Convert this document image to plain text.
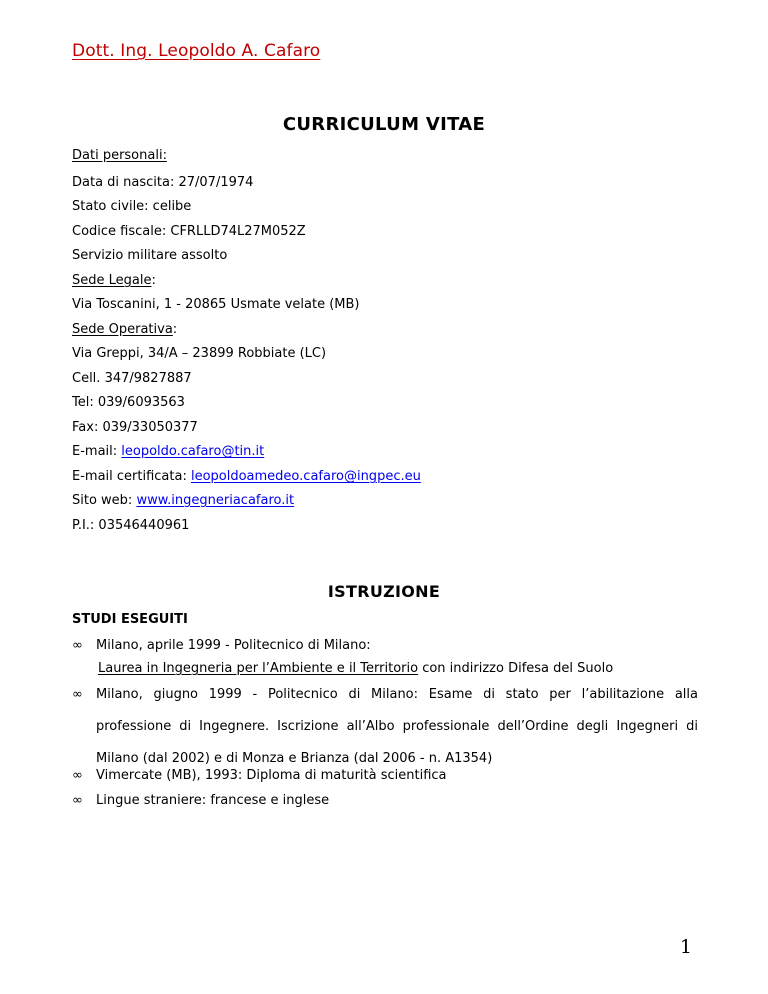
Dott. Ing. Leopoldo A. Cafaro
CURRICULUM VITAE
Dati personali:
Data di nascita: 27/07/1974
Stato civile: celibe
Codice fiscale: CFRLLD74L27M052Z
Servizio militare assolto
Sede Legale:
Via Toscanini, 1 - 20865 Usmate velate (MB)
Sede Operativa:
Via Greppi, 34/A – 23899 Robbiate (LC)
Cell. 347/9827887
Tel: 039/6093563
Fax: 039/33050377
E-mail: leopoldo.cafaro@tin.it
E-mail certificata: leopoldoamedeo.cafaro@ingpec.eu
Sito web: www.ingegneriacafaro.it
P.I.: 03546440961
ISTRUZIONE
STUDI ESEGUITI
∞ Milano, aprile 1999 - Politecnico di Milano:
Laurea in Ingegneria per l’Ambiente e il Territorio con indirizzo Difesa del Suolo
∞ Milano, giugno 1999 - Politecnico di Milano: Esame di stato per l’abilitazione alla professione di Ingegnere. Iscrizione all’Albo professionale dell’Ordine degli Ingegneri di Milano (dal 2002) e di Monza e Brianza (dal 2006 - n. A1354)
∞ Vimercate (MB), 1993: Diploma di maturità scientifica
∞ Lingue straniere: francese e inglese
1
